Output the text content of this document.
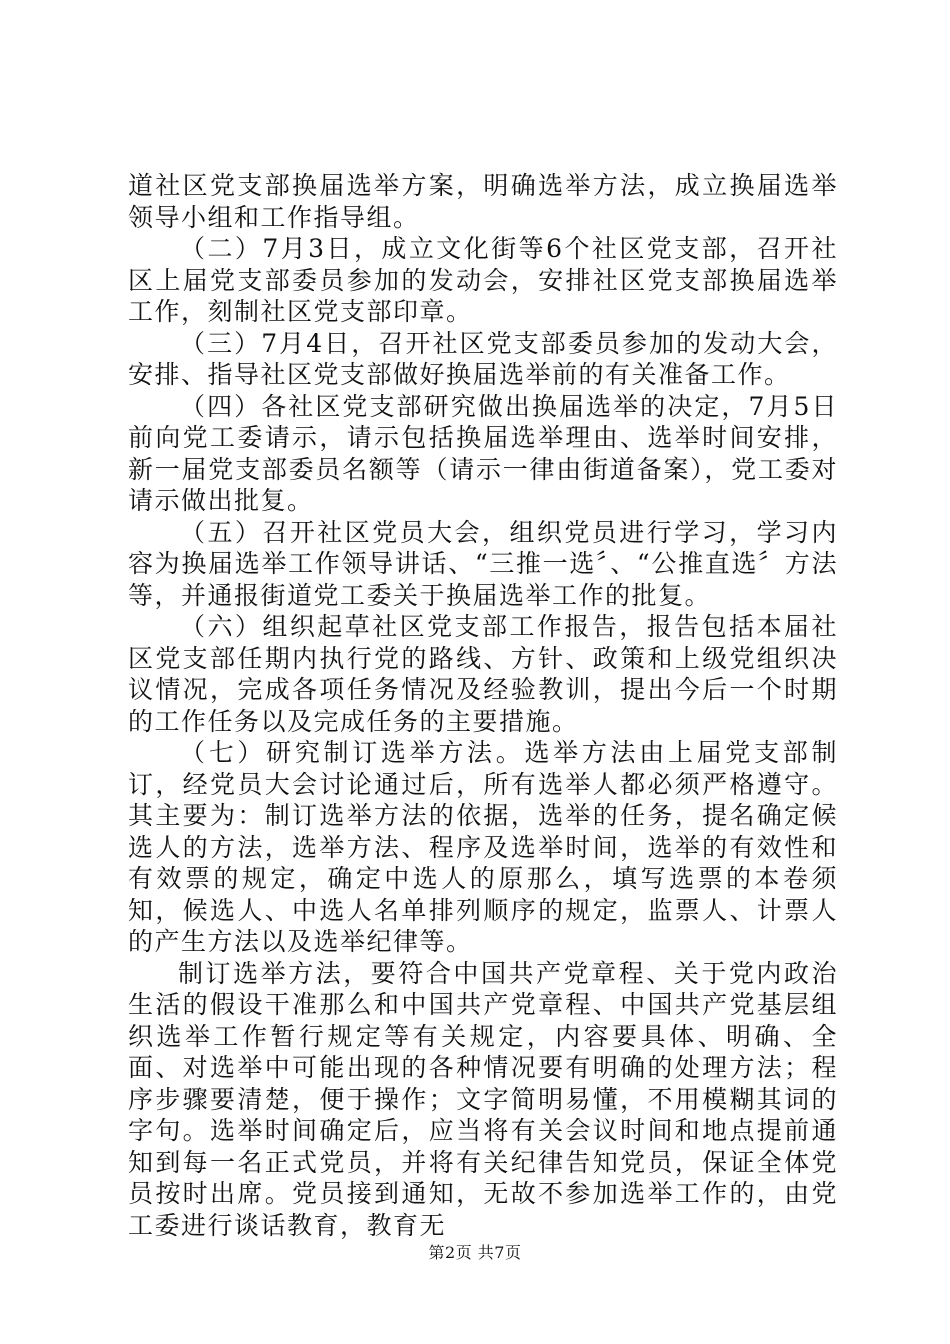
道社区党支部换届选举方案，明确选举方法，成立换届选举领导小组和工作指导组。

（二）7月3日，成立文化街等6个社区党支部，召开社区上届党支部委员参加的发动会，安排社区党支部换届选举工作，刻制社区党支部印章。

（三）7月4日，召开社区党支部委员参加的发动大会，安排、指导社区党支部做好换届选举前的有关准备工作。

（四）各社区党支部研究做出换届选举的决定，7月5日前向党工委请示，请示包括换届选举理由、选举时间安排，新一届党支部委员名额等（请示一律由街道备案），党工委对请示做出批复。

（五）召开社区党员大会，组织党员进行学习，学习内容为换届选举工作领导讲话、“三推一选〞、“公推直选〞方法等，并通报街道党工委关于换届选举工作的批复。

（六）组织起草社区党支部工作报告，报告包括本届社区党支部任期内执行党的路线、方针、政策和上级党组织决议情况，完成各项任务情况及经验教训，提出今后一个时期的工作任务以及完成任务的主要措施。

（七）研究制订选举方法。选举方法由上届党支部制订，经党员大会讨论通过后，所有选举人都必须严格遵守。其主要为：制订选举方法的依据，选举的任务，提名确定候选人的方法，选举方法、程序及选举时间，选举的有效性和有效票的规定，确定中选人的原那么，填写选票的本卷须知，候选人、中选人名单排列顺序的规定，监票人、计票人的产生方法以及选举纪律等。

制订选举方法，要符合中国共产党章程、关于党内政治生活的假设干准那么和中国共产党章程、中国共产党基层组织选举工作暂行规定等有关规定，内容要具体、明确、全面、对选举中可能出现的各种情况要有明确的处理方法；程序步骤要清楚，便于操作；文字简明易懂，不用模糊其词的字句。选举时间确定后，应当将有关会议时间和地点提前通知到每一名正式党员，并将有关纪律告知党员，保证全体党员按时出席。党员接到通知，无故不参加选举工作的，由党工委进行谈话教育，教育无

第2页 共7页
